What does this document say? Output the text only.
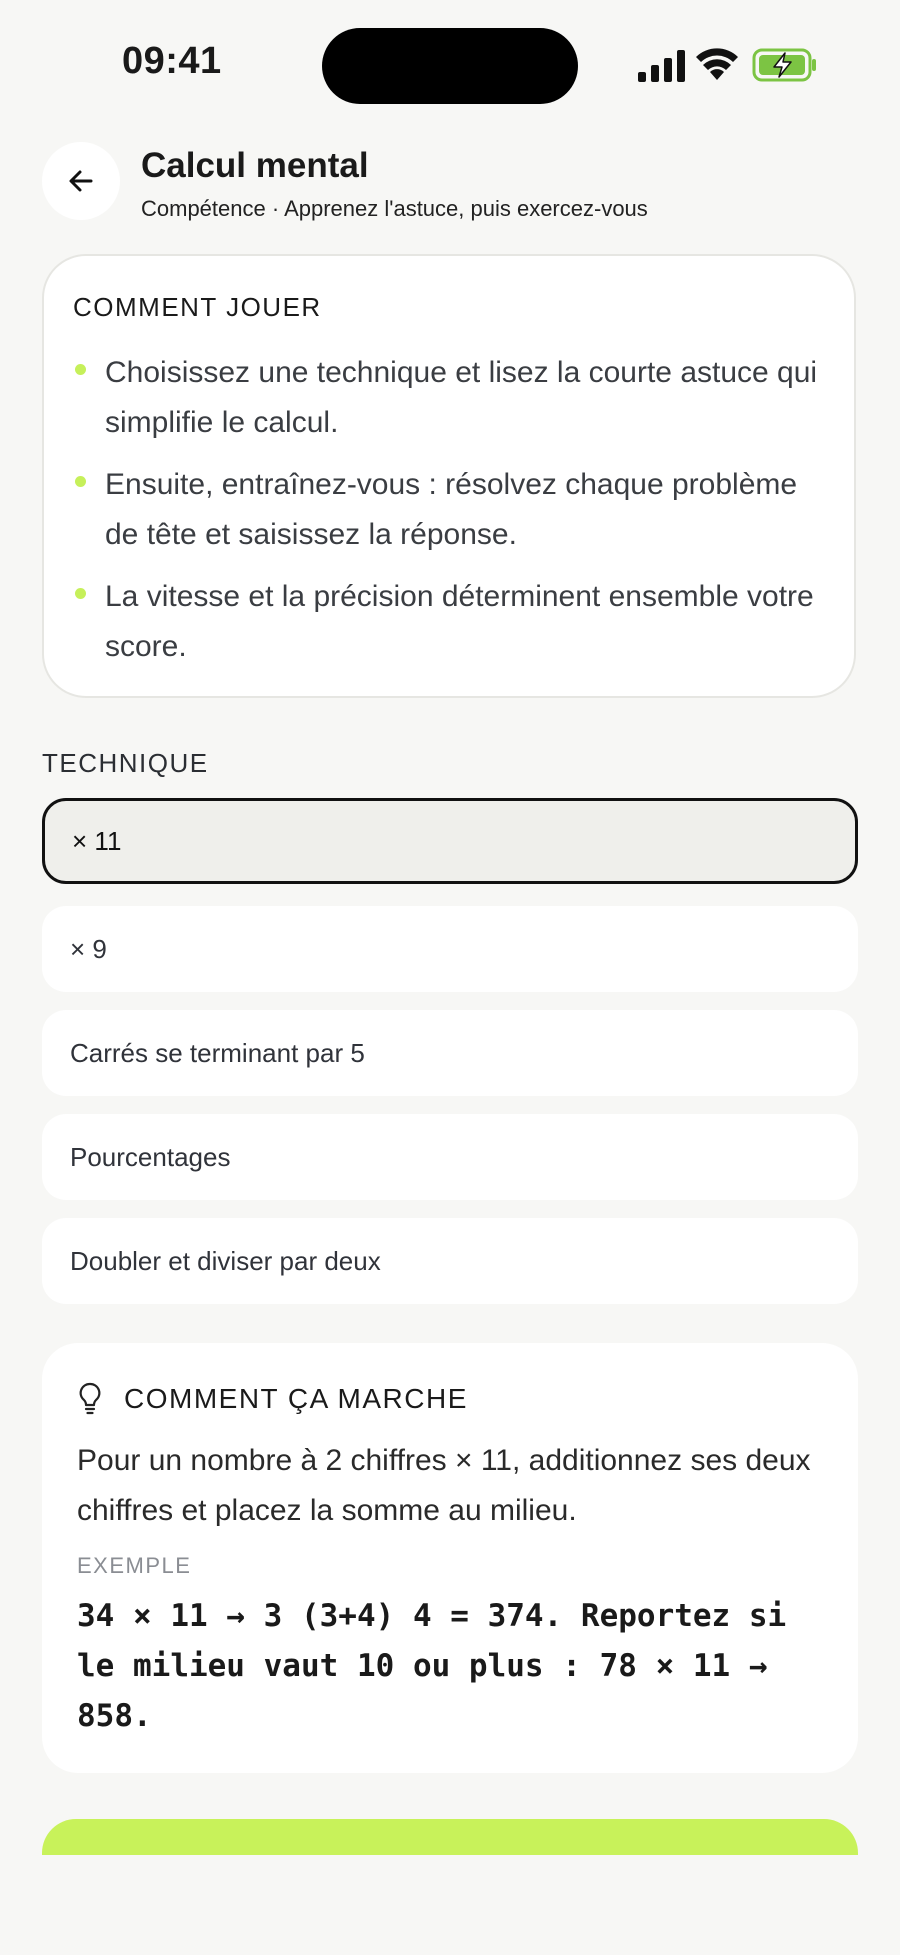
09:41
Calcul mental
Compétence · Apprenez l'astuce, puis exercez-vous
COMMENT JOUER
Choisissez une technique et lisez la courte astuce qui simplifie le calcul.
Ensuite, entraînez-vous : résolvez chaque problème de tête et saisissez la réponse.
La vitesse et la précision déterminent ensemble votre score.
TECHNIQUE
× 11
× 9
Carrés se terminant par 5
Pourcentages
Doubler et diviser par deux
COMMENT ÇA MARCHE
Pour un nombre à 2 chiffres × 11, additionnez ses deux chiffres et placez la somme au milieu.
EXEMPLE
34 × 11 → 3 (3+4) 4 = 374. Reportez si le milieu vaut 10 ou plus : 78 × 11 → 858.
